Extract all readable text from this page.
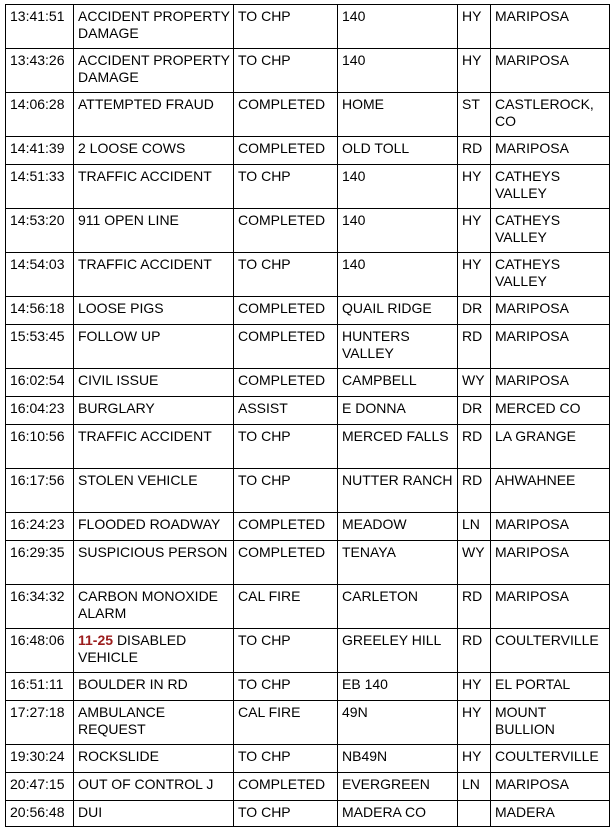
13:41:51	ACCIDENT PROPERTY DAMAGE	TO CHP	140	HY	MARIPOSA
13:43:26	ACCIDENT PROPERTY DAMAGE	TO CHP	140	HY	MARIPOSA
14:06:28	ATTEMPTED FRAUD	COMPLETED	HOME	ST	CASTLEROCK, CO
14:41:39	2 LOOSE COWS	COMPLETED	OLD TOLL	RD	MARIPOSA
14:51:33	TRAFFIC ACCIDENT	TO CHP	140	HY	CATHEYS VALLEY
14:53:20	911 OPEN LINE	COMPLETED	140	HY	CATHEYS VALLEY
14:54:03	TRAFFIC ACCIDENT	TO CHP	140	HY	CATHEYS VALLEY
14:56:18	LOOSE PIGS	COMPLETED	QUAIL RIDGE	DR	MARIPOSA
15:53:45	FOLLOW UP	COMPLETED	HUNTERS VALLEY	RD	MARIPOSA
16:02:54	CIVIL ISSUE	COMPLETED	CAMPBELL	WY	MARIPOSA
16:04:23	BURGLARY	ASSIST	E DONNA	DR	MERCED CO
16:10:56	TRAFFIC ACCIDENT	TO CHP	MERCED FALLS	RD	LA GRANGE
16:17:56	STOLEN VEHICLE	TO CHP	NUTTER RANCH	RD	AHWAHNEE
16:24:23	FLOODED ROADWAY	COMPLETED	MEADOW	LN	MARIPOSA
16:29:35	SUSPICIOUS PERSON	COMPLETED	TENAYA	WY	MARIPOSA
16:34:32	CARBON MONOXIDE ALARM	CAL FIRE	CARLETON	RD	MARIPOSA
16:48:06	11-25 DISABLED VEHICLE	TO CHP	GREELEY HILL	RD	COULTERVILLE
16:51:11	BOULDER IN RD	TO CHP	EB 140	HY	EL PORTAL
17:27:18	AMBULANCE REQUEST	CAL FIRE	49N	HY	MOUNT BULLION
19:30:24	ROCKSLIDE	TO CHP	NB49N	HY	COULTERVILLE
20:47:15	OUT OF CONTROL J	COMPLETED	EVERGREEN	LN	MARIPOSA
20:56:48	DUI	TO CHP	MADERA CO		MADERA
